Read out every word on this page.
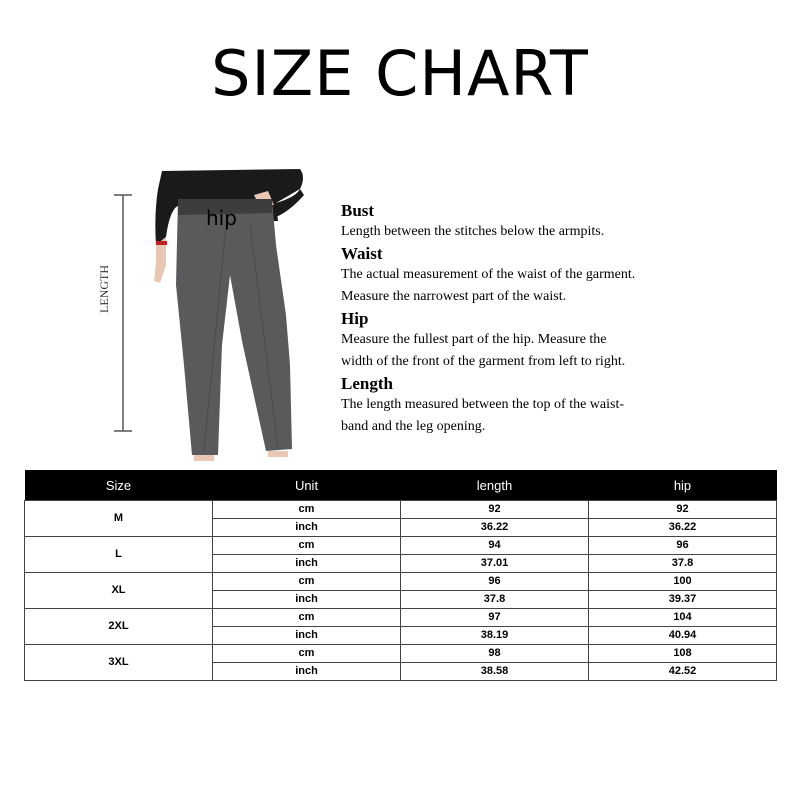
SIZE CHART
LENGTH
hip	Bust
Length between the stitches below the armpits.
Waist
The actual measurement of the waist of the garment.
Measure the narrowest part of the waist.
Hip
Measure the fullest part of the hip. Measure the
width of the front of the garment from left to right.
Length
The length measured between the top of the waist-
band and the leg opening.
Size	Unit	length	hip
M	cm	92	92
	inch	36.22	36.22
L	cm	94	96
	inch	37.01	37.8
XL	cm	96	100
	inch	37.8	39.37
2XL	cm	97	104
	inch	38.19	40.94
3XL	cm	98	108
	inch	38.58	42.52
